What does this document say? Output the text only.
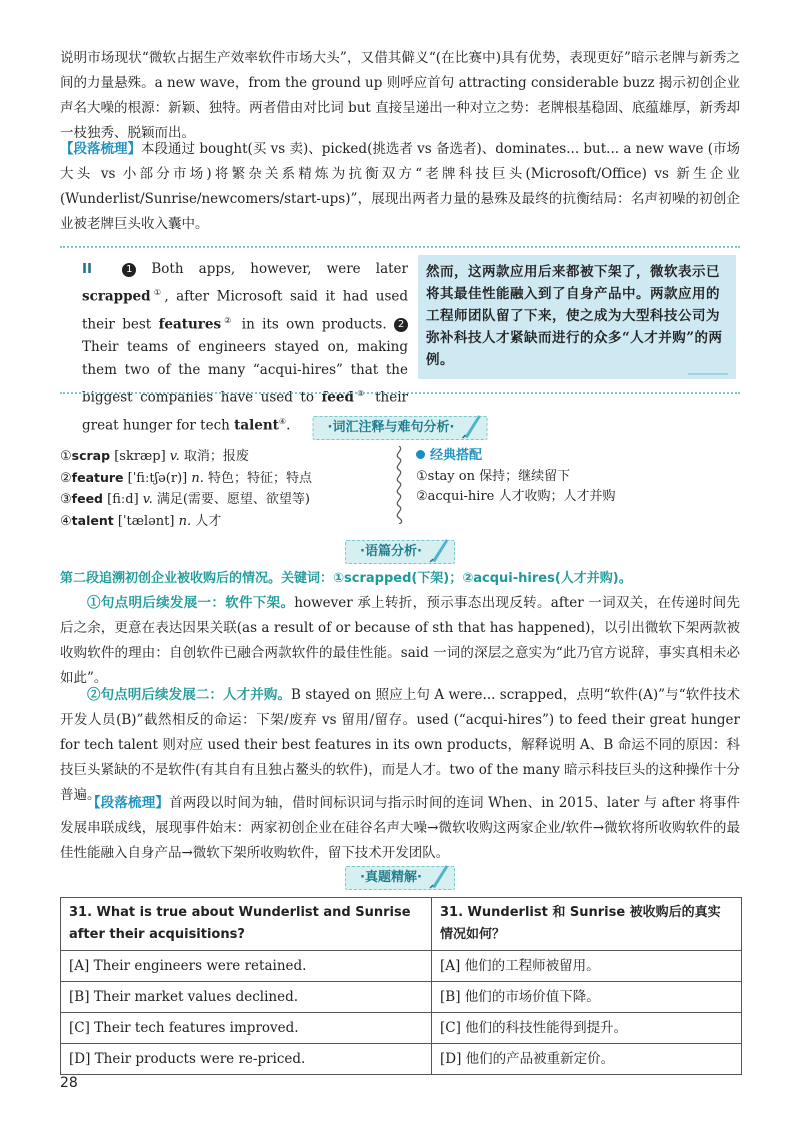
说明市场现状“微软占据生产效率软件市场大头”，又借其僻义“(在比赛中)具有优势，表现更好”暗示老牌与新秀之间的力量悬殊。a new wave，from the ground up 则呼应首句 attracting considerable buzz 揭示初创企业声名大噪的根源：新颖、独特。两者借由对比词 but 直接呈递出一种对立之势：老牌根基稳固、底蕴雄厚，新秀却一枝独秀、脱颖而出。

【段落梳理】本段通过 bought(买 vs 卖)、picked(挑选者 vs 备选者)、dominates... but... a new wave (市场大头 vs 小部分市场)将繁杂关系精炼为抗衡双方“老牌科技巨头(Microsoft/Office) vs 新生企业(Wunderlist/Sunrise/newcomers/start-ups)”，展现出两者力量的悬殊及最终的抗衡结局：名声初噪的初创企业被老牌巨头收入囊中。

II	1 Both apps, however, were later scrapped①, after Microsoft said it had used their best features② in its own products. 2 Their teams of engineers stayed on, making them two of the many “acqui-hires” that the biggest companies have used to feed③ their great hunger for tech talent④.

然而，这两款应用后来都被下架了，微软表示已将其最佳性能融入到了自身产品中。两款应用的工程师团队留了下来，使之成为大型科技公司为弥补科技人才紧缺而进行的众多“人才并购”的两例。
·词汇注释与难句分析·
①scrap [skræp] v. 取消；报废
②feature [ˈfiːtʃə(r)] n. 特色；特征；特点
③feed [fiːd] v. 满足(需要、愿望、欲望等)
④talent [ˈtælənt] n. 人才
经典搭配
①stay on 保持；继续留下
②acqui-hire 人才收购；人才并购
·语篇分析·

第二段追溯初创企业被收购后的情况。关键词：①scrapped(下架)；②acqui-hires(人才并购)。

①句点明后续发展一：软件下架。however 承上转折，预示事态出现反转。after 一词双关，在传递时间先后之余，更意在表达因果关联(as a result of or because of sth that has happened)，以引出微软下架两款被收购软件的理由：自创软件已融合两款软件的最佳性能。said 一词的深层之意实为“此乃官方说辞，事实真相未必如此”。

②句点明后续发展二：人才并购。B stayed on 照应上句 A were... scrapped，点明“软件(A)”与“软件技术开发人员(B)”截然相反的命运：下架/废弃 vs 留用/留存。used (“acqui-hires”) to feed their great hunger for tech talent 则对应 used their best features in its own products，解释说明 A、B 命运不同的原因：科技巨头紧缺的不是软件(有其自有且独占鳌头的软件)，而是人才。two of the many 暗示科技巨头的这种操作十分普遍。

【段落梳理】首两段以时间为轴，借时间标识词与指示时间的连词 When、in 2015、later 与 after 将事件发展串联成线，展现事件始末：两家初创企业在硅谷名声大噪→微软收购这两家企业/软件→微软将所收购软件的最佳性能融入自身产品→微软下架所收购软件，留下技术开发团队。

·真题精解·
31. What is true about Wunderlist and Sunrise after their acquisitions?	31. Wunderlist 和 Sunrise 被收购后的真实情况如何？
[A] Their engineers were retained.	[A] 他们的工程师被留用。
[B] Their market values declined.	[B] 他们的市场价值下降。
[C] Their tech features improved.	[C] 他们的科技性能得到提升。
[D] Their products were re-priced.	[D] 他们的产品被重新定价。
28
